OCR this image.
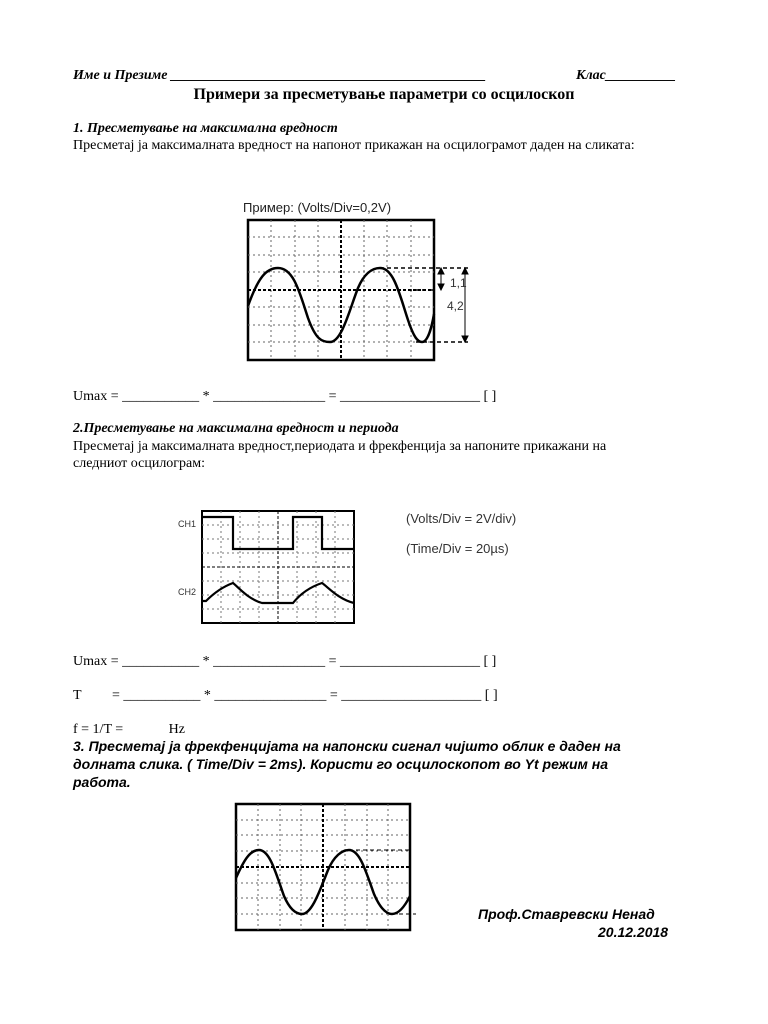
Име и Презиме _____________________________________________	Клас__________
Примери за пресметување параметри со осцилоскоп
1. Пресметување на максимална вредност
Пресметај ја максималната вредност на напонот прикажан на осцилограмот даден на сликата:
Пример: (Volts/Div=0,2V)
1,1
4,2
Umax = ___________ * ________________ = ____________________ [ ]
2.Пресметување на максимална вредност и периода
Пресметај ја максималната вредност,периодата и фрекфенција за напоните прикажани на
следниот осцилограм:
CH1
CH2
(Volts/Div = 2V/div)
(Time/Div = 20µs)
Umax = ___________ * ________________ = ____________________ [ ]
T = ___________ * ________________ = ____________________ [ ]
f = 1/T =             Hz
3. Пресметај ја фрекфенцијата на напонски сигнал чијшто облик е даден на
долната слика. ( Time/Div = 2ms). Користи го осцилоскопот во Yt режим на
работа.
Проф.Ставревски Ненад
20.12.2018
